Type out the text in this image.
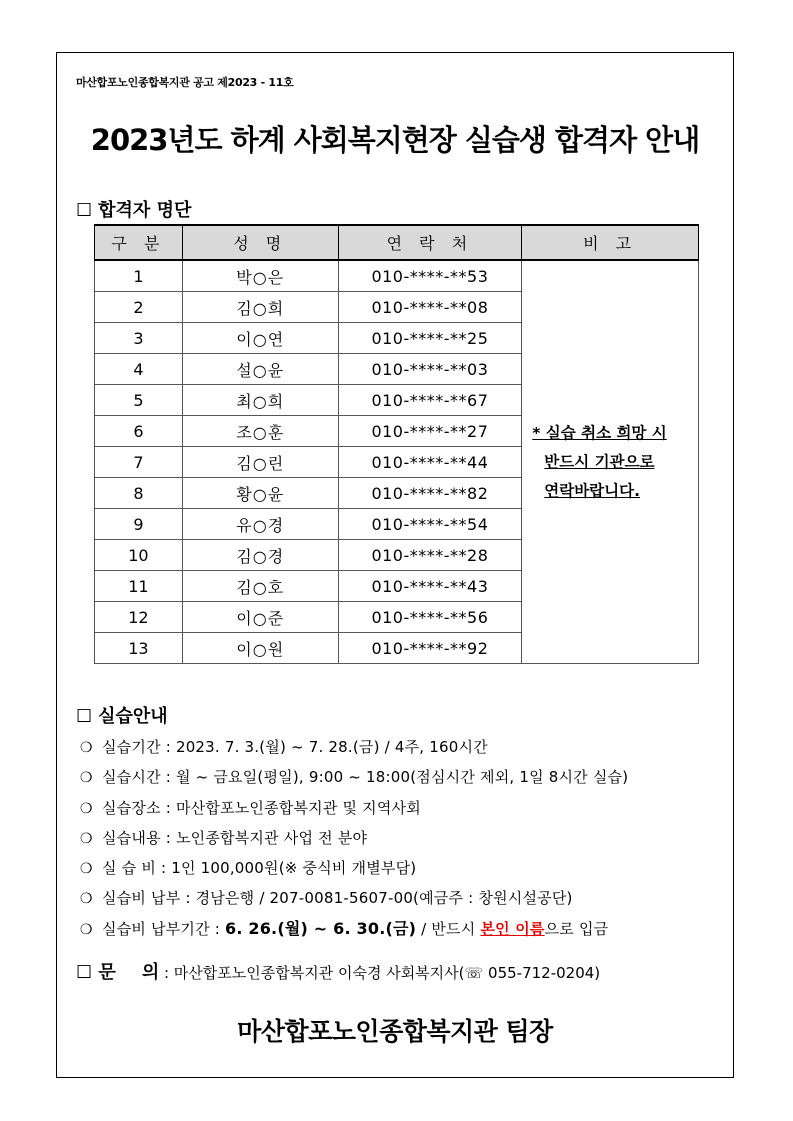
마산합포노인종합복지관 공고 제2023 - 11호
2023년도 하계 사회복지현장 실습생 합격자 안내
☐ 합격자 명단
구 분	성 명	연 락 처	비 고
1	박○은	010-****-**53	* 실습 취소 희망 시
반드시 기관으로
연락바랍니다.

2	김○희	010-****-**08	
3	이○연	010-****-**25	
4	설○윤	010-****-**03	
5	최○희	010-****-**67	
6	조○훈	010-****-**27	
7	김○린	010-****-**44	
8	황○윤	010-****-**82	
9	유○경	010-****-**54	
10	김○경	010-****-**28	
11	김○호	010-****-**43	
12	이○준	010-****-**56	
13	이○원	010-****-**92	
☐ 실습안내
❍ 실습기간 : 2023. 7. 3.(월) ~ 7. 28.(금) / 4주, 160시간
❍ 실습시간 : 월 ~ 금요일(평일), 9:00 ~ 18:00(점심시간 제외, 1일 8시간 실습)
❍ 실습장소 : 마산합포노인종합복지관 및 지역사회
❍ 실습내용 : 노인종합복지관 사업 전 분야
❍ 실 습 비 : 1인 100,000원(※ 중식비 개별부담)
❍ 실습비 납부 : 경남은행 / 207-0081-5607-00(예금주 : 창원시설공단)
❍ 실습비 납부기간 : 6. 26.(월) ~ 6. 30.(금) / 반드시 본인 이름으로 입금
☐ 문 의 : 마산합포노인종합복지관 이숙경 사회복지사(☏ 055-712-0204)
마산합포노인종합복지관 팀장
